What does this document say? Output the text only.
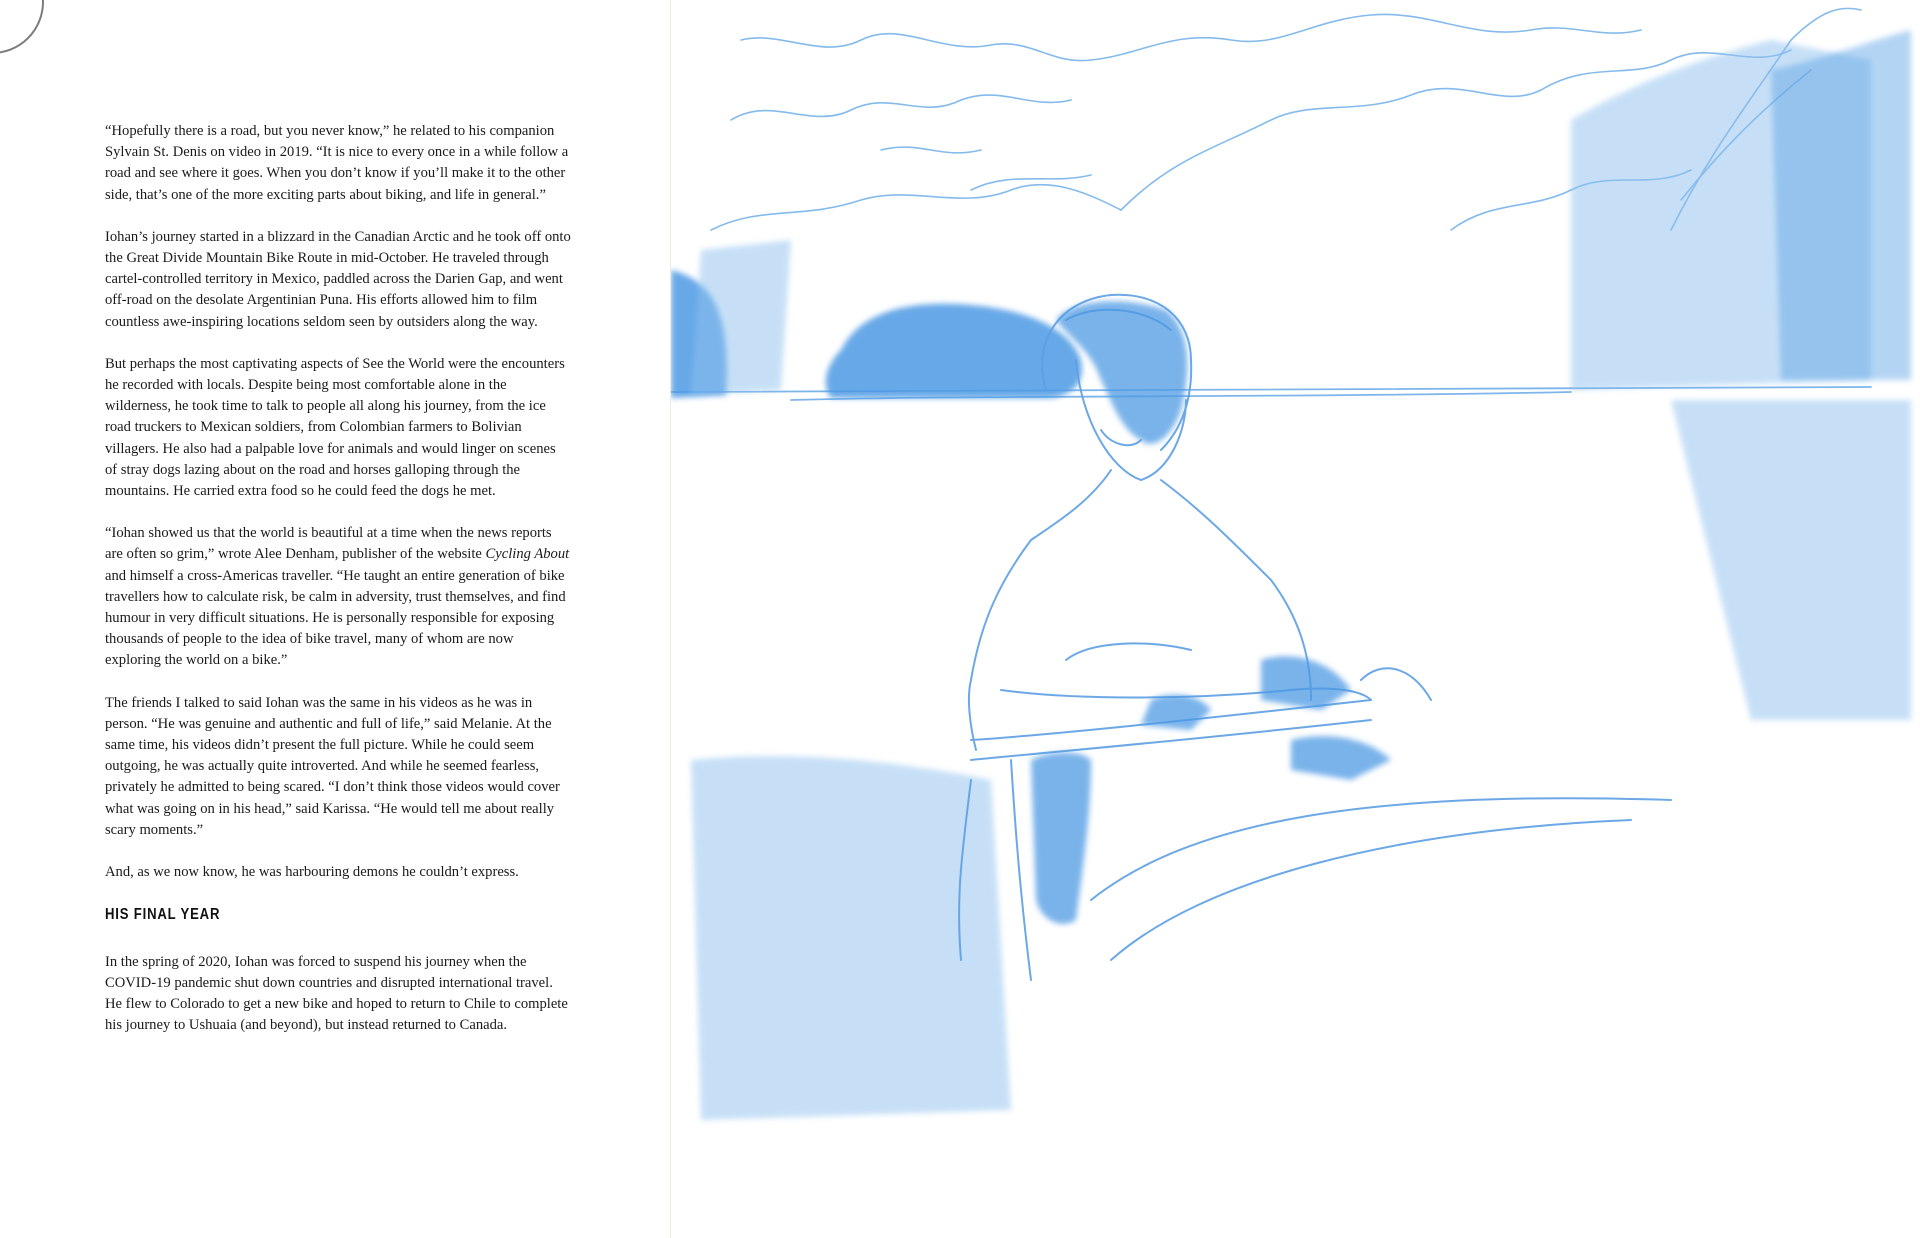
“Hopefully there is a road, but you never know,” he related to his companion Sylvain St. Denis on video in 2019. “It is nice to every once in a while follow a road and see where it goes. When you don’t know if you’ll make it to the other side, that’s one of the more exciting parts about biking, and life in general.”

Iohan’s journey started in a blizzard in the Canadian Arctic and he took off onto the Great Divide Mountain Bike Route in mid-October. He traveled through cartel-controlled territory in Mexico, paddled across the Darien Gap, and went off-road on the desolate Argentinian Puna. His efforts allowed him to film countless awe-inspiring locations seldom seen by outsiders along the way.

But perhaps the most captivating aspects of See the World were the encounters he recorded with locals. Despite being most comfortable alone in the wilderness, he took time to talk to people all along his journey, from the ice road truckers to Mexican soldiers, from Colombian farmers to Bolivian villagers. He also had a palpable love for animals and would linger on scenes of stray dogs lazing about on the road and horses galloping through the mountains. He carried extra food so he could feed the dogs he met.

“Iohan showed us that the world is beautiful at a time when the news reports are often so grim,” wrote Alee Denham, publisher of the website Cycling About and himself a cross-Americas traveller. “He taught an entire generation of bike travellers how to calculate risk, be calm in adversity, trust themselves, and find humour in very difficult situations. He is personally responsible for exposing thousands of people to the idea of bike travel, many of whom are now exploring the world on a bike.”

The friends I talked to said Iohan was the same in his videos as he was in person. “He was genuine and authentic and full of life,” said Melanie. At the same time, his videos didn’t present the full picture. While he could seem outgoing, he was actually quite introverted. And while he seemed fearless, privately he admitted to being scared. “I don’t think those videos would cover what was going on in his head,” said Karissa. “He would tell me about really scary moments.”

And, as we now know, he was harbouring demons he couldn’t express.

HIS FINAL YEAR

In the spring of 2020, Iohan was forced to suspend his journey when the COVID-19 pandemic shut down countries and disrupted international travel. He flew to Colorado to get a new bike and hoped to return to Chile to complete his journey to Ushuaia (and beyond), but instead returned to Canada.
